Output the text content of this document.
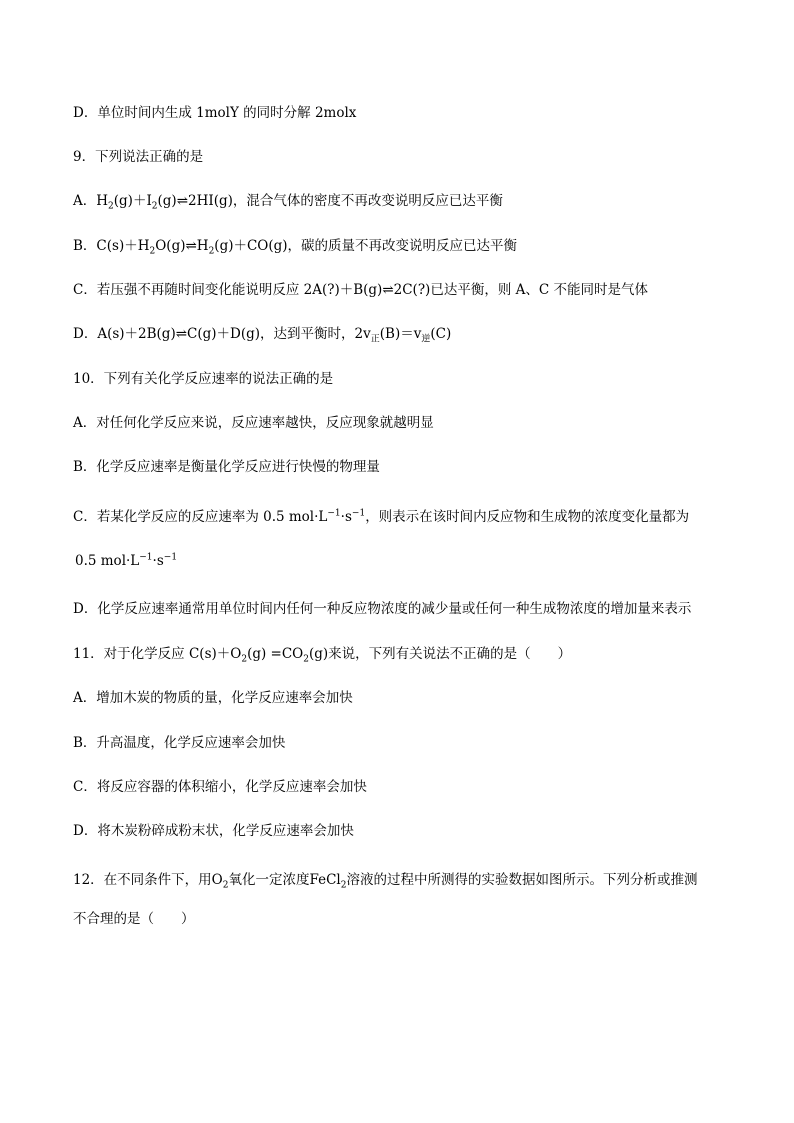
D．单位时间内生成 1molY 的同时分解 2molx
9．下列说法正确的是
A．$H_2(g)+I_2(g)\rightleftharpoons 2HI(g)$，混合气体的密度不再改变说明反应已达平衡
B．$C(s)+H_2O(g)\rightleftharpoons H_2(g)+CO(g)$，碳的质量不再改变说明反应已达平衡
C．若压强不再随时间变化能说明反应 2A(?)＋B(g)⇌2C(?)已达平衡，则 A、C 不能同时是气体
D．A(s)＋2B(g)⇌C(g)＋D(g)，达到平衡时，$2v_正(B)=v_逆(C)$
10．下列有关化学反应速率的说法正确的是
A．对任何化学反应来说，反应速率越快，反应现象就越明显
B．化学反应速率是衡量化学反应进行快慢的物理量
C．若某化学反应的反应速率为 0.5 $mol\cdot L^{-1}\cdot s^{-1}$，则表示在该时间内反应物和生成物的浓度变化量都为
0.5 $mol\cdot L^{-1}\cdot s^{-1}$
D．化学反应速率通常用单位时间内任何一种反应物浓度的减少量或任何一种生成物浓度的增加量来表示
11．对于化学反应 $C(s)+O_2(g) =CO_2(g)$来说，下列有关说法不正确的是（　　）
A．增加木炭的物质的量，化学反应速率会加快
B．升高温度，化学反应速率会加快
C．将反应容器的体积缩小，化学反应速率会加快
D．将木炭粉碎成粉末状，化学反应速率会加快
12．在不同条件下，用$O_2$氧化一定浓度FeCl$_2$溶液的过程中所测得的实验数据如图所示。下列分析或推测
不合理的是（　　）
